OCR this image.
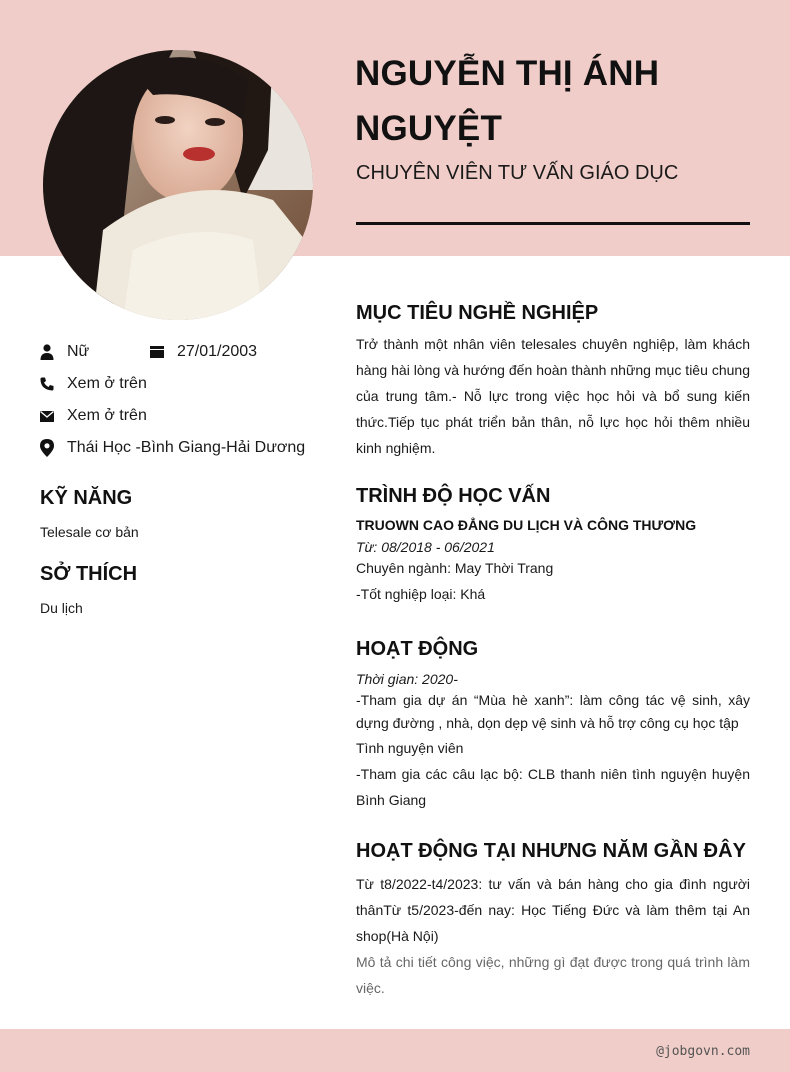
NGUYỄN THỊ ÁNH NGUYỆT
CHUYÊN VIÊN TƯ VẤN GIÁO DỤC
Nữ	27/01/2003
Xem ở trên
Xem ở trên
Thái Học -Bình Giang-Hải Dương
KỸ NĂNG
Telesale cơ bản
SỞ THÍCH
Du lịch
MỤC TIÊU NGHỀ NGHIỆP
Trở thành một nhân viên telesales chuyên nghiệp, làm khách hàng hài lòng và hướng đến hoàn thành những mục tiêu chung của trung tâm.- Nỗ lực trong việc học hỏi và bổ sung kiến thức.Tiếp tục phát triển bản thân, nỗ lực học hỏi thêm nhiều kinh nghiệm.
TRÌNH ĐỘ HỌC VẤN
TRUOWN CAO ĐẲNG DU LỊCH VÀ CÔNG THƯƠNG
Từ: 08/2018 - 06/2021
Chuyên ngành: May Thời Trang
-Tốt nghiệp loại: Khá
HOẠT ĐỘNG
Thời gian: 2020-
-Tham gia dự án “Mùa hè xanh”: làm công tác vệ sinh, xây dựng đường , nhà, dọn dẹp vệ sinh và hỗ trợ công cụ học tập
Tình nguyện viên
-Tham gia các câu lạc bộ: CLB thanh niên tình nguyện huyện Bình Giang
HOẠT ĐỘNG TẠI NHƯNG NĂM GẦN ĐÂY
Từ t8/2022-t4/2023: tư vấn và bán hàng cho gia đình người thânTừ t5/2023-đến nay: Học Tiếng Đức và làm thêm tại An shop(Hà Nội)
Mô tả chi tiết công việc, những gì đạt được trong quá trình làm việc.
@jobgovn.com
